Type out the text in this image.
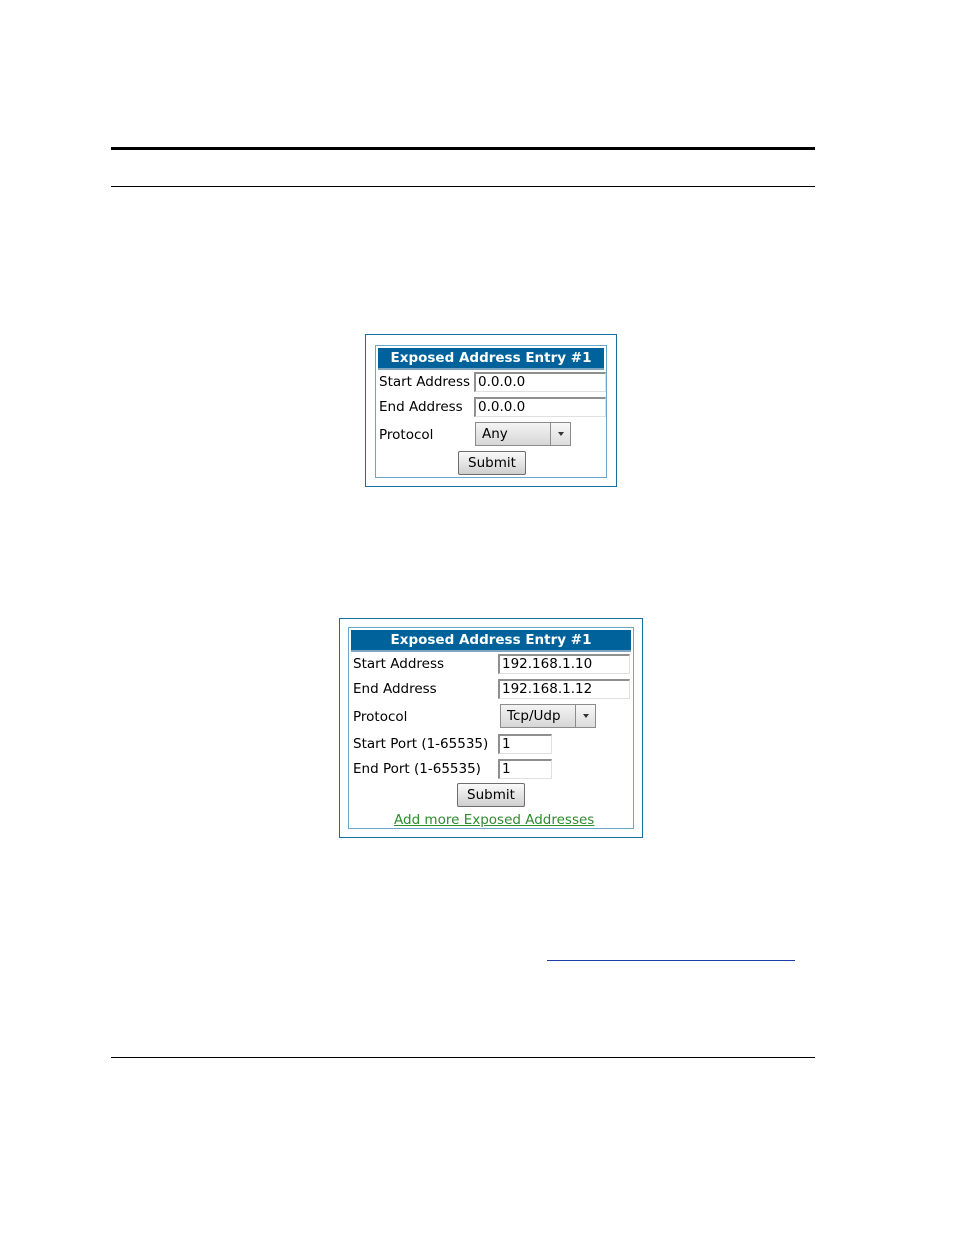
Exposed Address Entry #1
Start Address 0.0.0.0
End Address 0.0.0.0
Protocol	Any
Submit
Exposed Address Entry #1
Start Address	192.168.1.10
End Address	192.168.1.12
Protocol	Tcp/Udp
Start Port (1-65535) 1
End Port (1-65535) 1
Submit
Add more Exposed Addresses
